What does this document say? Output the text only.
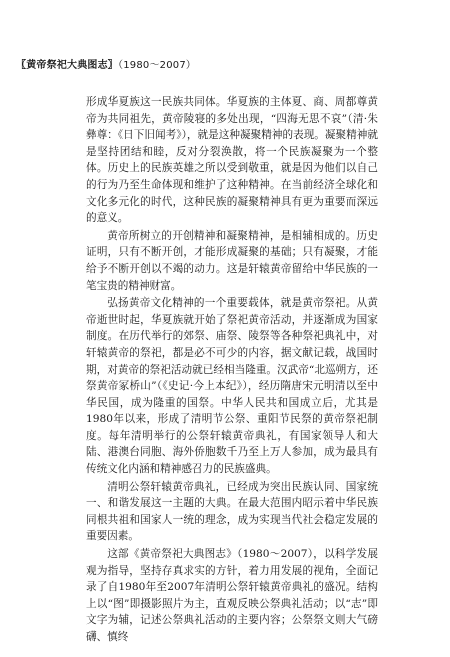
〖黄帝祭祀大典图志〗（1980～2007）

形成华夏族这一民族共同体。华夏族的主体夏、商、周都尊黄帝为共同祖先，黄帝陵寝的多处出现，“四海无思不哀”（清·朱彝尊：《日下旧闻考》），就是这种凝聚精神的表现。凝聚精神就是坚持团结和睦，反对分裂涣散，将一个民族凝聚为一个整体。历史上的民族英雄之所以受到敬重，就是因为他们以自己的行为乃至生命体现和维护了这种精神。在当前经济全球化和文化多元化的时代，这种民族的凝聚精神具有更为重要而深远的意义。

黄帝所树立的开创精神和凝聚精神，是相辅相成的。历史证明，只有不断开创，才能形成凝聚的基础；只有凝聚，才能给予不断开创以不竭的动力。这是轩辕黄帝留给中华民族的一笔宝贵的精神财富。

弘扬黄帝文化精神的一个重要载体，就是黄帝祭祀。从黄帝逝世时起，华夏族就开始了祭祀黄帝活动，并逐渐成为国家制度。在历代举行的郊祭、庙祭、陵祭等各种祭祀典礼中，对轩辕黄帝的祭祀，都是必不可少的内容，据文献记载，战国时期，对黄帝的祭祀活动就已经相当隆重。汉武帝“北巡朔方，还祭黄帝冢桥山”（《史记·今上本纪》），经历隋唐宋元明清以至中华民国，成为隆重的国祭。中华人民共和国成立后，尤其是1980年以来，形成了清明节公祭、重阳节民祭的黄帝祭祀制度。每年清明举行的公祭轩辕黄帝典礼，有国家领导人和大陆、港澳台同胞、海外侨胞数千乃至上万人参加，成为最具有传统文化内涵和精神感召力的民族盛典。

清明公祭轩辕黄帝典礼，已经成为突出民族认同、国家统一、和谐发展这一主题的大典。在最大范围内昭示着中华民族同根共祖和国家人一统的理念，成为实现当代社会稳定发展的重要因素。

这部《黄帝祭祀大典图志》（1980～2007），以科学发展观为指导，坚持存真求实的方针，着力用发展的视角，全面记录了自1980年至2007年清明公祭轩辕黄帝典礼的盛况。结构上以“图”即摄影照片为主，直观反映公祭典礼活动；以“志”即文字为辅，记述公祭典礼活动的主要内容；公祭祭文则大气磅礴、慎终
